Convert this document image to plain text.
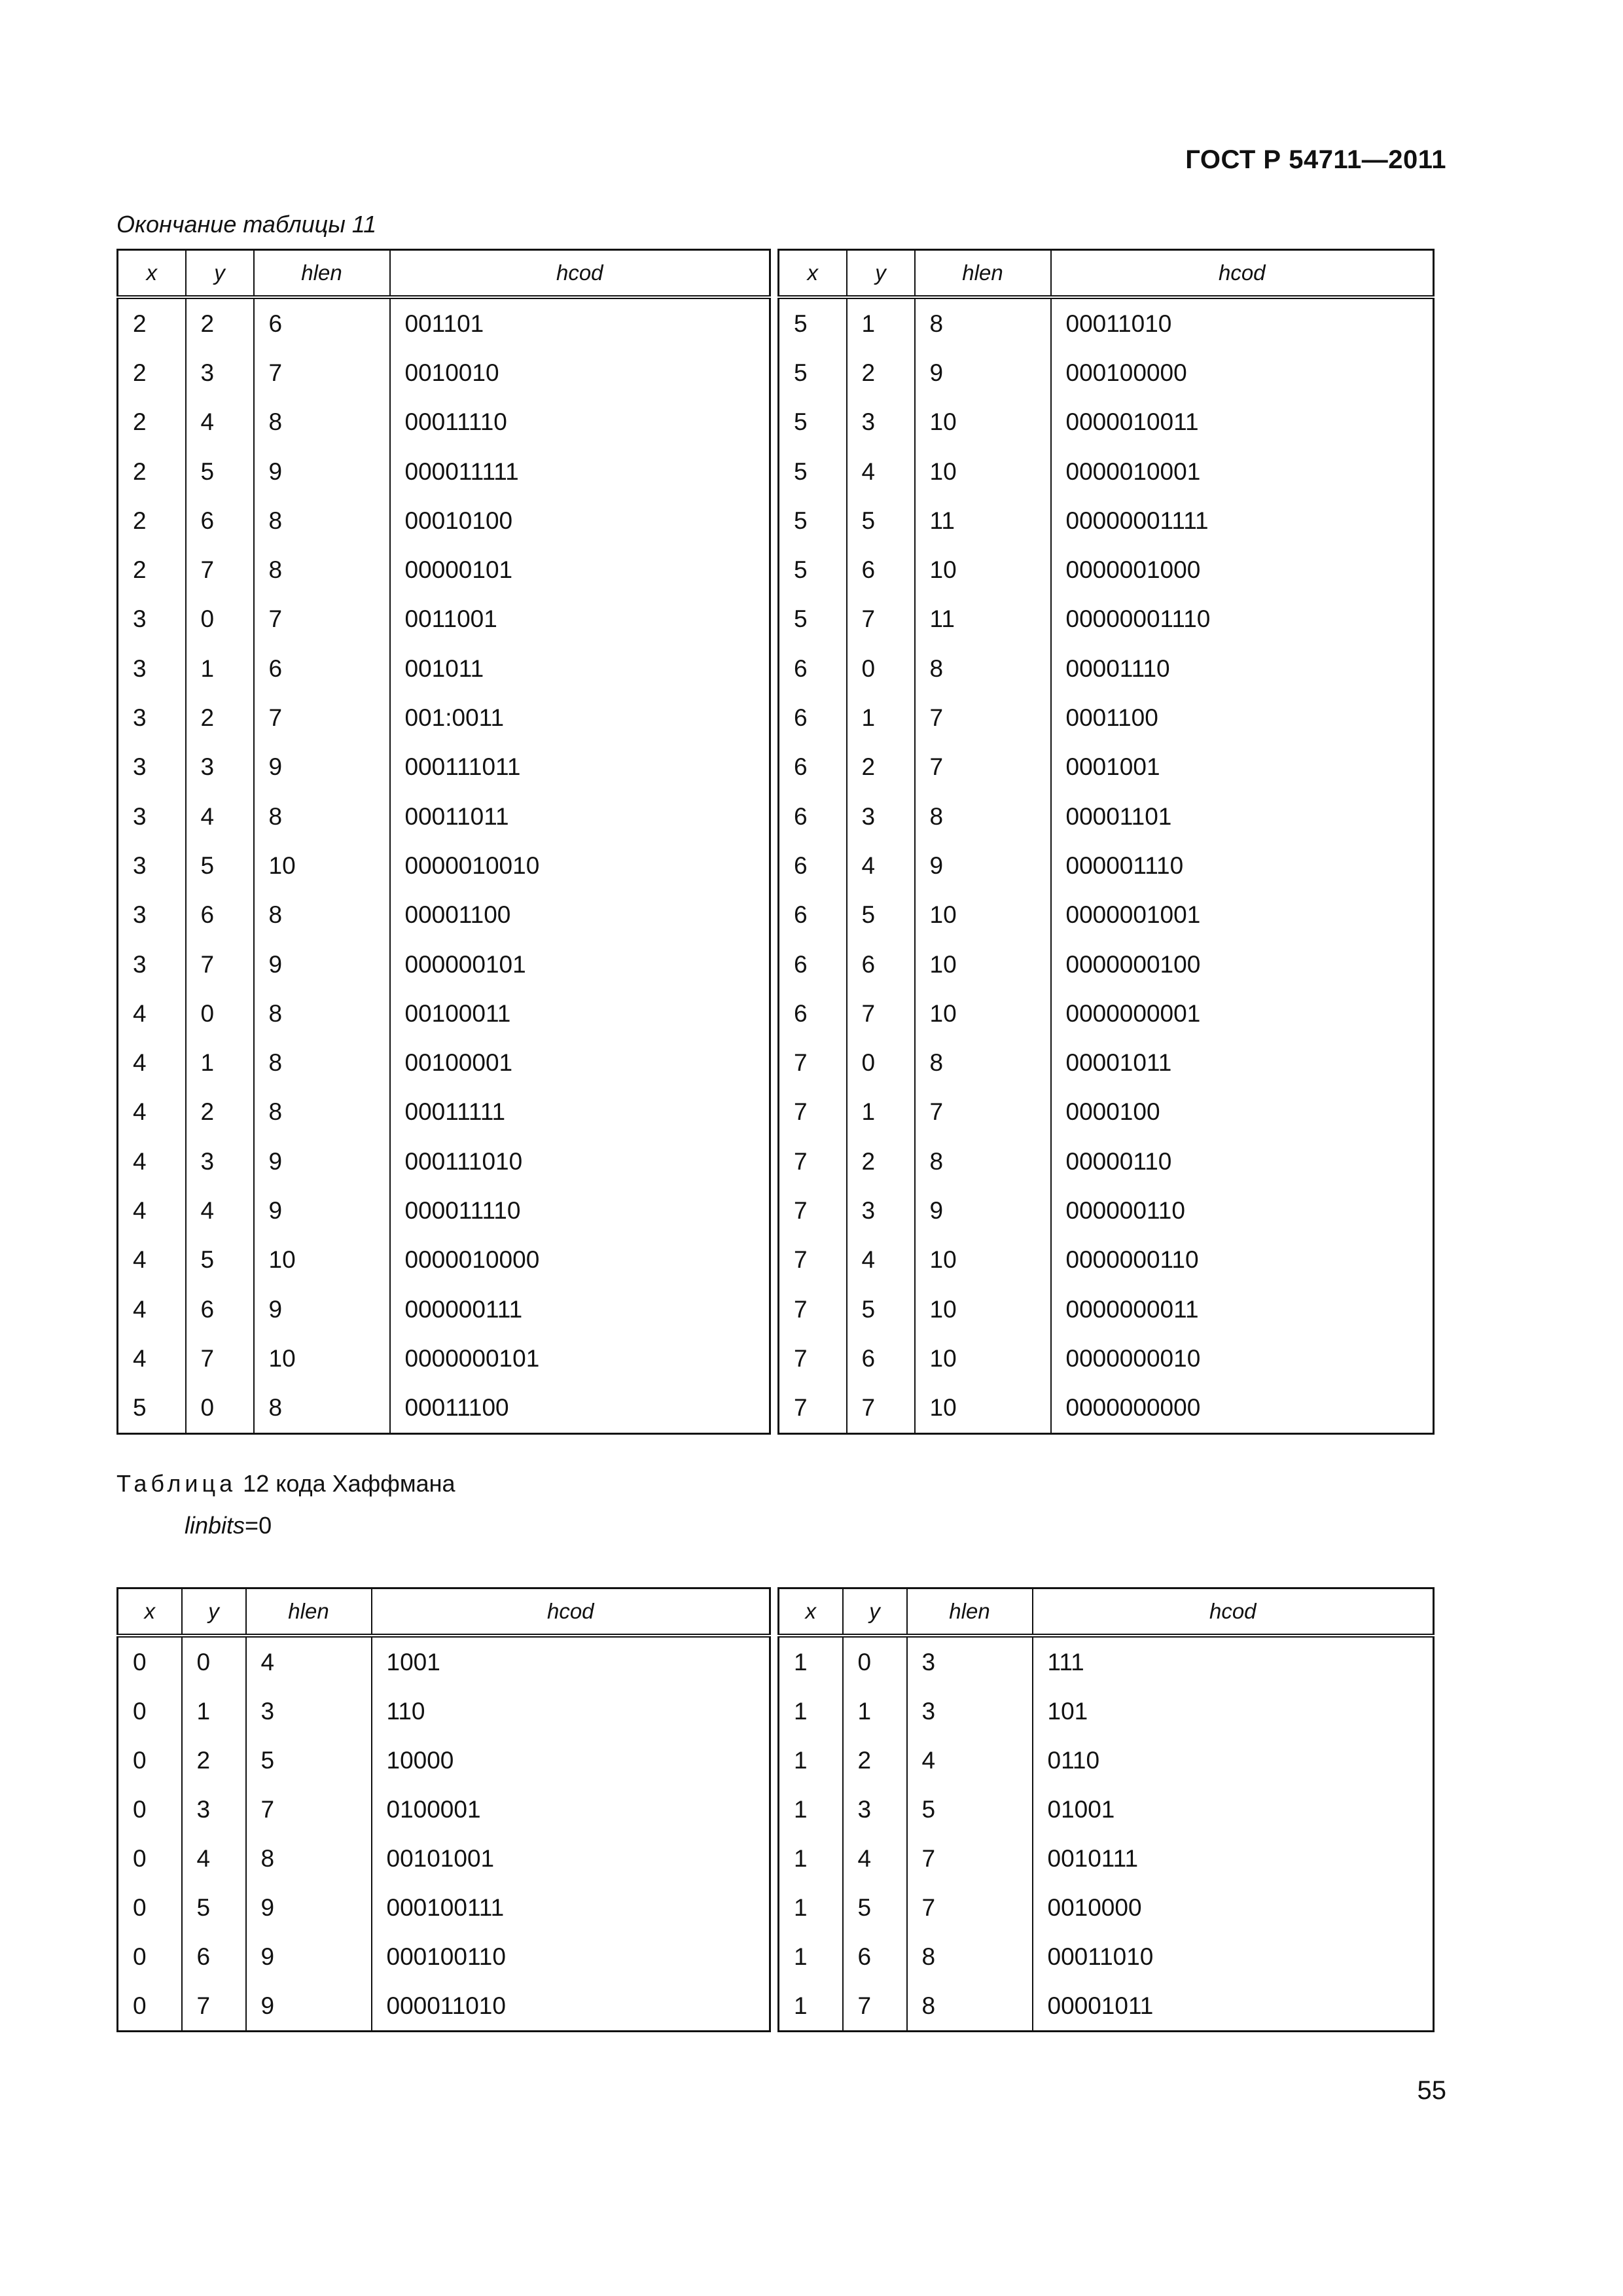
ГОСТ Р 54711—2011
Окончание таблицы 11
x	y	hlen	hcod
2	2	6	001101
2	3	7	0010010
2	4	8	00011110
2	5	9	000011111
2	6	8	00010100
2	7	8	00000101
3	0	7	0011001
3	1	6	001011
3	2	7	001:0011
3	3	9	000111011
3	4	8	00011011
3	5	10	0000010010
3	6	8	00001100
3	7	9	000000101
4	0	8	00100011
4	1	8	00100001
4	2	8	00011111
4	3	9	000111010
4	4	9	000011110
4	5	10	0000010000
4	6	9	000000111
4	7	10	0000000101
5	0	8	00011100
x	y	hlen	hcod
5	1	8	00011010
5	2	9	000100000
5	3	10	0000010011
5	4	10	0000010001
5	5	11	00000001111
5	6	10	0000001000
5	7	11	00000001110
6	0	8	00001110
6	1	7	0001100
6	2	7	0001001
6	3	8	00001101
6	4	9	000001110
6	5	10	0000001001
6	6	10	0000000100
6	7	10	0000000001
7	0	8	00001011
7	1	7	0000100
7	2	8	00000110
7	3	9	000000110
7	4	10	0000000110
7	5	10	0000000011
7	6	10	0000000010
7	7	10	0000000000
Таблица 12 кода Хаффмана
linbits=0
x	y	hlen	hcod
0	0	4	1001
0	1	3	110
0	2	5	10000
0	3	7	0100001
0	4	8	00101001
0	5	9	000100111
0	6	9	000100110
0	7	9	000011010
x	y	hlen	hcod
1	0	3	111
1	1	3	101
1	2	4	0110
1	3	5	01001
1	4	7	0010111
1	5	7	0010000
1	6	8	00011010
1	7	8	00001011
55
